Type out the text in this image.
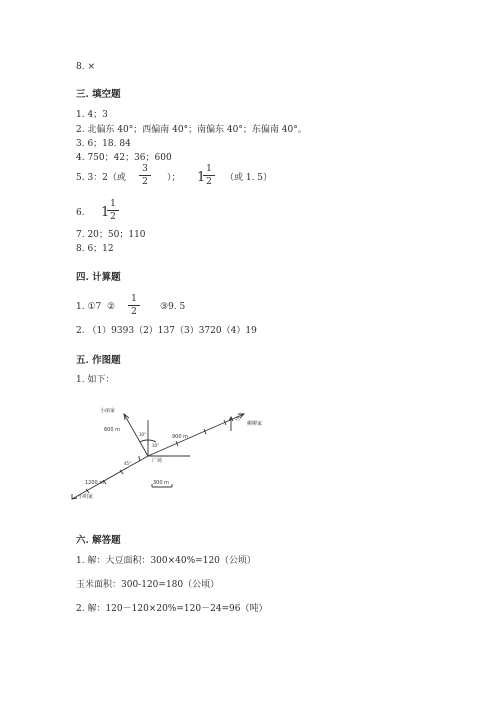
8. ×
三. 填空题
1. 4；3
2. 北偏东 40°；西偏南 40°；南偏东 40°；东偏南 40°。
3. 6；18. 84
4. 750；42；36；600
5. 3：2（或
3
2	）； 1
1
2	（或 1. 5）
6. 1
1
2
7. 20；50；110
8. 6；12
四. 计算题
1. ①7  ②
1
2	③9. 5
2. （1）9393（2）137（3）3720（4）19
五. 作图题
1. 如下：
小丽家
柳柳家
小明家
广场
北
600 m
900 m
1200 m	300 m
30°
30°
45°
六. 解答题
1. 解：大豆面积：300×40%=120（公顷）
玉米面积：300-120=180（公顷）
2. 解：120－120×20%=120－24=96（吨）
